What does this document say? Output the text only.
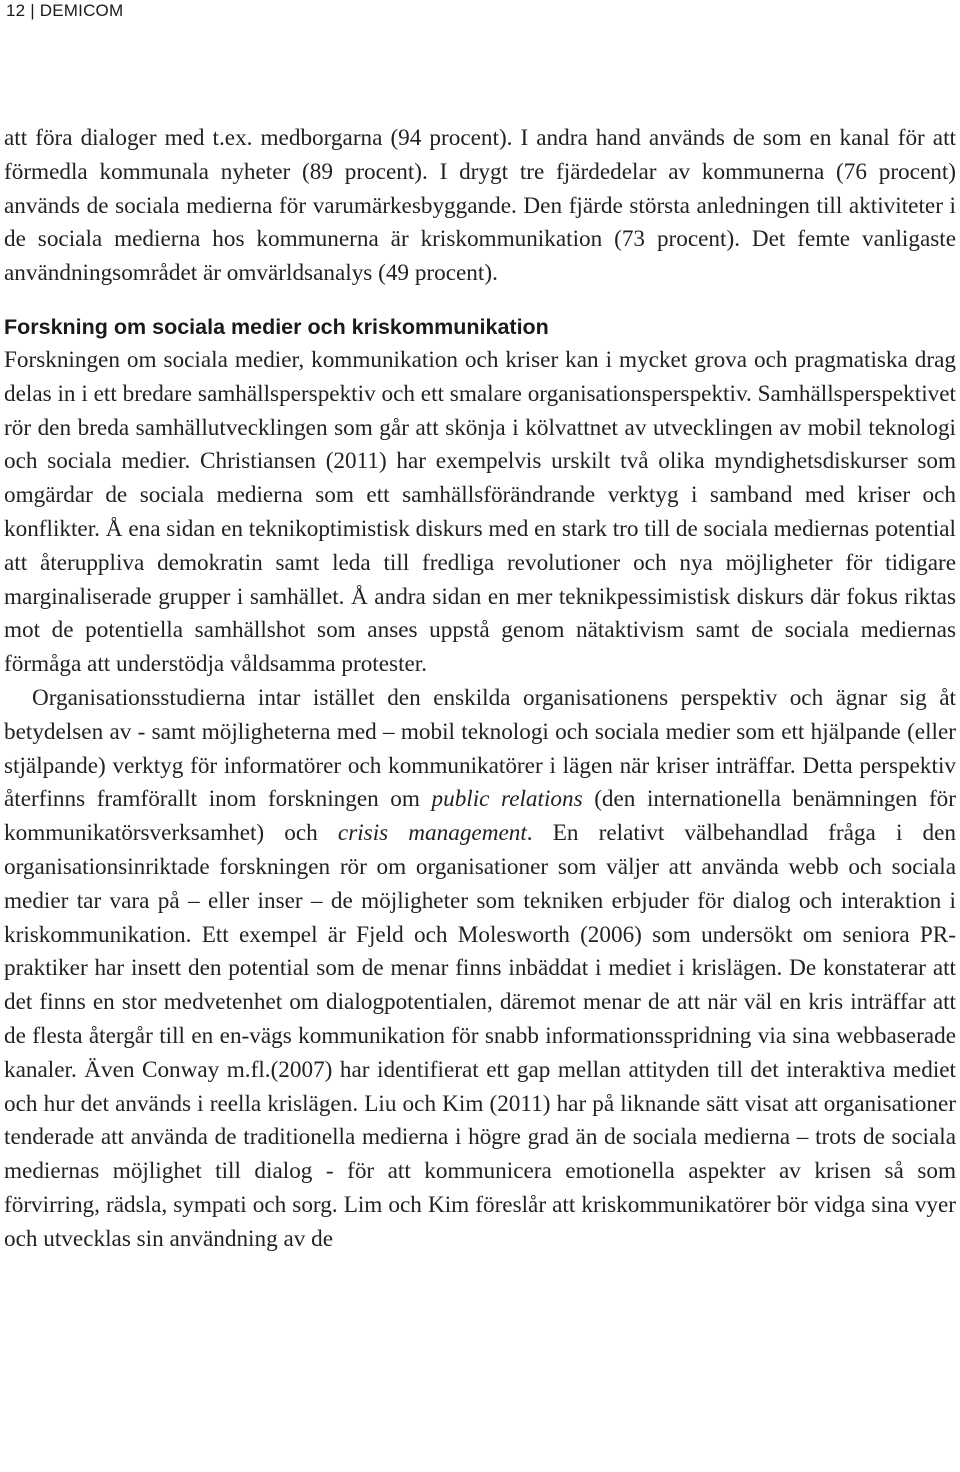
12 | DEMICOM

att föra dialoger med t.ex. medborgarna (94 procent). I andra hand används de som en kanal för att förmedla kommunala nyheter (89 procent). I drygt tre fjärdedelar av kommunerna (76 procent) används de sociala medierna för varumärkesbyggande. Den fjärde största anledningen till aktiviteter i de sociala medierna hos kommunerna är kriskommunikation (73 procent). Det femte vanligaste användningsområdet är omvärldsanalys (49 procent).

Forskning om sociala medier och kriskommunikation

Forskningen om sociala medier, kommunikation och kriser kan i mycket grova och pragmatiska drag delas in i ett bredare samhällsperspektiv och ett smalare organisationsperspektiv. Samhällsperspektivet rör den breda samhällutvecklingen som går att skönja i kölvattnet av utvecklingen av mobil teknologi och sociala medier. Christiansen (2011) har exempelvis urskilt två olika myndighetsdiskurser som omgärdar de sociala medierna som ett samhällsförändrande verktyg i samband med kriser och konflikter. Å ena sidan en teknikoptimistisk diskurs med en stark tro till de sociala mediernas potential att återuppliva demokratin samt leda till fredliga revolutioner och nya möjligheter för tidigare marginaliserade grupper i samhället. Å andra sidan en mer teknikpessimistisk diskurs där fokus riktas mot de potentiella samhällshot som anses uppstå genom nätaktivism samt de sociala mediernas förmåga att understödja våldsamma protester.

Organisationsstudierna intar istället den enskilda organisationens perspektiv och ägnar sig åt betydelsen av - samt möjligheterna med – mobil teknologi och sociala medier som ett hjälpande (eller stjälpande) verktyg för informatörer och kommunikatörer i lägen när kriser inträffar. Detta perspektiv återfinns framförallt inom forskningen om public relations (den internationella benämningen för kommunikatörsverksamhet) och crisis management. En relativt välbehandlad fråga i den organisationsinriktade forskningen rör om organisationer som väljer att använda webb och sociala medier tar vara på – eller inser – de möjligheter som tekniken erbjuder för dialog och interaktion i kriskommunikation. Ett exempel är Fjeld och Molesworth (2006) som undersökt om seniora PR-praktiker har insett den potential som de menar finns inbäddat i mediet i krislägen. De konstaterar att det finns en stor medvetenhet om dialogpotentialen, däremot menar de att när väl en kris inträffar att de flesta återgår till en en-vägs kommunikation för snabb informationsspridning via sina webbaserade kanaler. Även Conway m.fl.(2007) har identifierat ett gap mellan attityden till det interaktiva mediet och hur det används i reella krislägen. Liu och Kim (2011) har på liknande sätt visat att organisationer tenderade att använda de traditionella medierna i högre grad än de sociala medierna – trots de sociala mediernas möjlighet till dialog - för att kommunicera emotionella aspekter av krisen så som förvirring, rädsla, sympati och sorg. Lim och Kim föreslår att kriskommunikatörer bör vidga sina vyer och utvecklas sin användning av de
